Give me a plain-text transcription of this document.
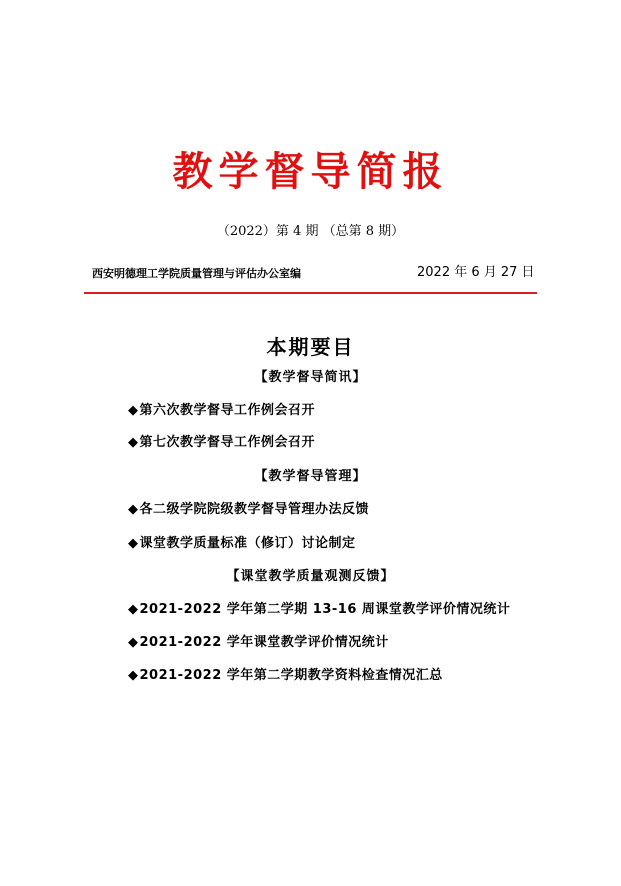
教学督导简报
（2022）第 4 期 （总第 8 期）
西安明德理工学院质量管理与评估办公室编	2022 年 6 月 27 日
本期要目
【教学督导简讯】
◆第六次教学督导工作例会召开
◆第七次教学督导工作例会召开
【教学督导管理】
◆各二级学院院级教学督导管理办法反馈
◆课堂教学质量标准（修订）讨论制定
【课堂教学质量观测反馈】
◆2021-2022 学年第二学期 13-16 周课堂教学评价情况统计
◆2021-2022 学年课堂教学评价情况统计
◆2021-2022 学年第二学期教学资料检查情况汇总
